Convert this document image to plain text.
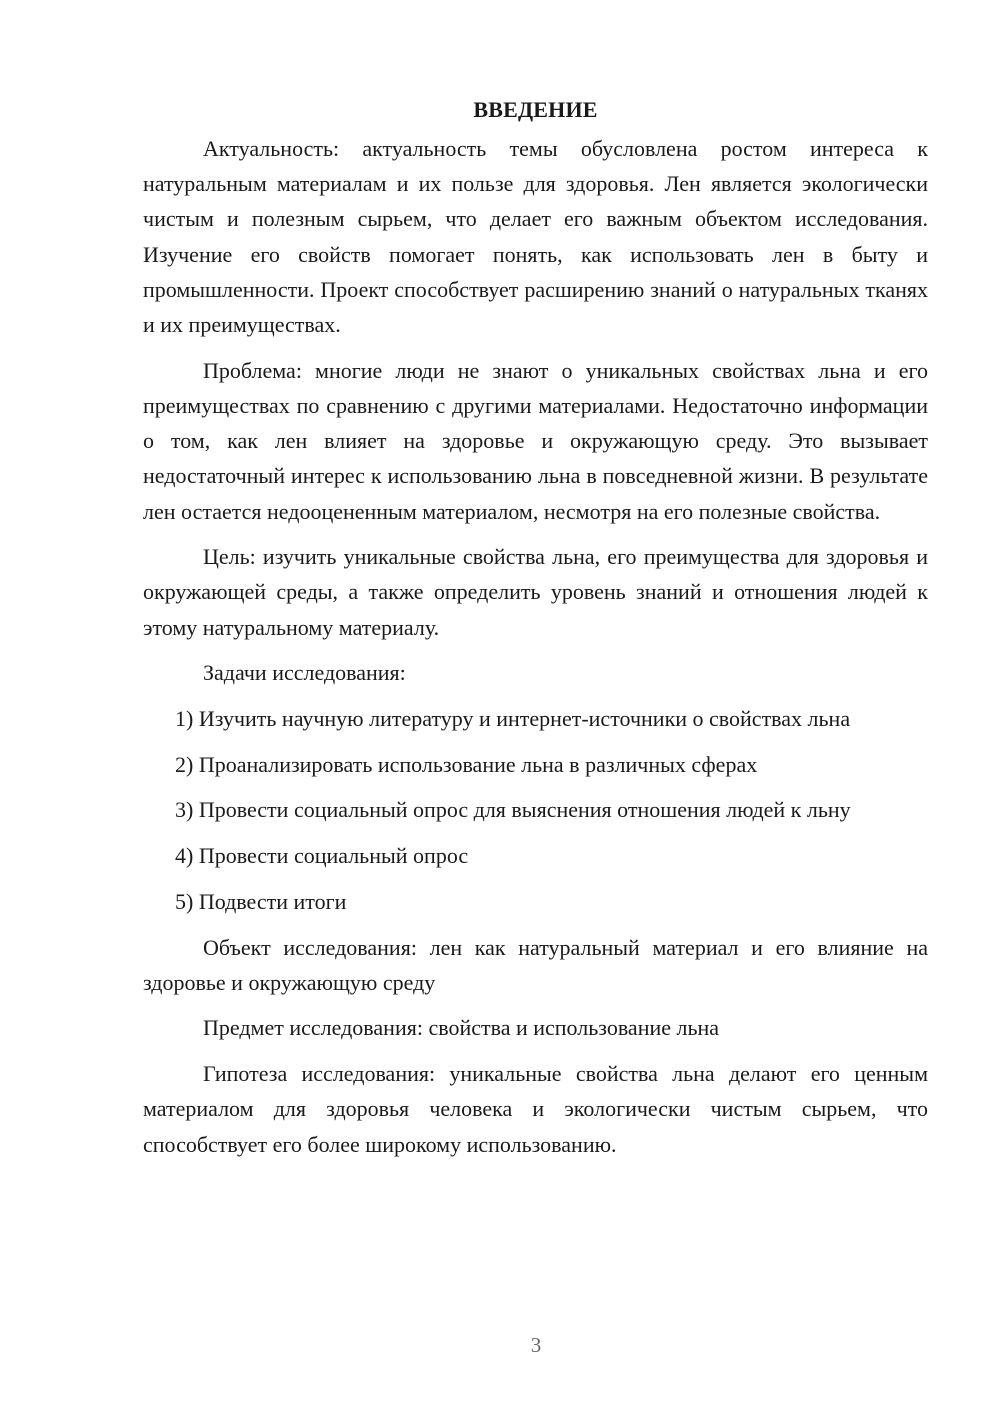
ВВЕДЕНИЕ

Актуальность: актуальность темы обусловлена ростом интереса к натуральным материалам и их пользе для здоровья. Лен является экологически чистым и полезным сырьем, что делает его важным объектом исследования. Изучение его свойств помогает понять, как использовать лен в быту и промышленности. Проект способствует расширению знаний о натуральных тканях и их преимуществах.

Проблема: многие люди не знают о уникальных свойствах льна и его преимуществах по сравнению с другими материалами. Недостаточно информации о том, как лен влияет на здоровье и окружающую среду. Это вызывает недостаточный интерес к использованию льна в повседневной жизни. В результате лен остается недооцененным материалом, несмотря на его полезные свойства.

Цель: изучить уникальные свойства льна, его преимущества для здоровья и окружающей среды, а также определить уровень знаний и отношения людей к этому натуральному материалу.

Задачи исследования:

1) Изучить научную литературу и интернет-источники о свойствах льна

2) Проанализировать использование льна в различных сферах

3) Провести социальный опрос для выяснения отношения людей к льну

4) Провести социальный опрос

5) Подвести итоги

Объект исследования: лен как натуральный материал и его влияние на здоровье и окружающую среду

Предмет исследования: свойства и использование льна

Гипотеза исследования: уникальные свойства льна делают его ценным материалом для здоровья человека и экологически чистым сырьем, что способствует его более широкому использованию.

3
